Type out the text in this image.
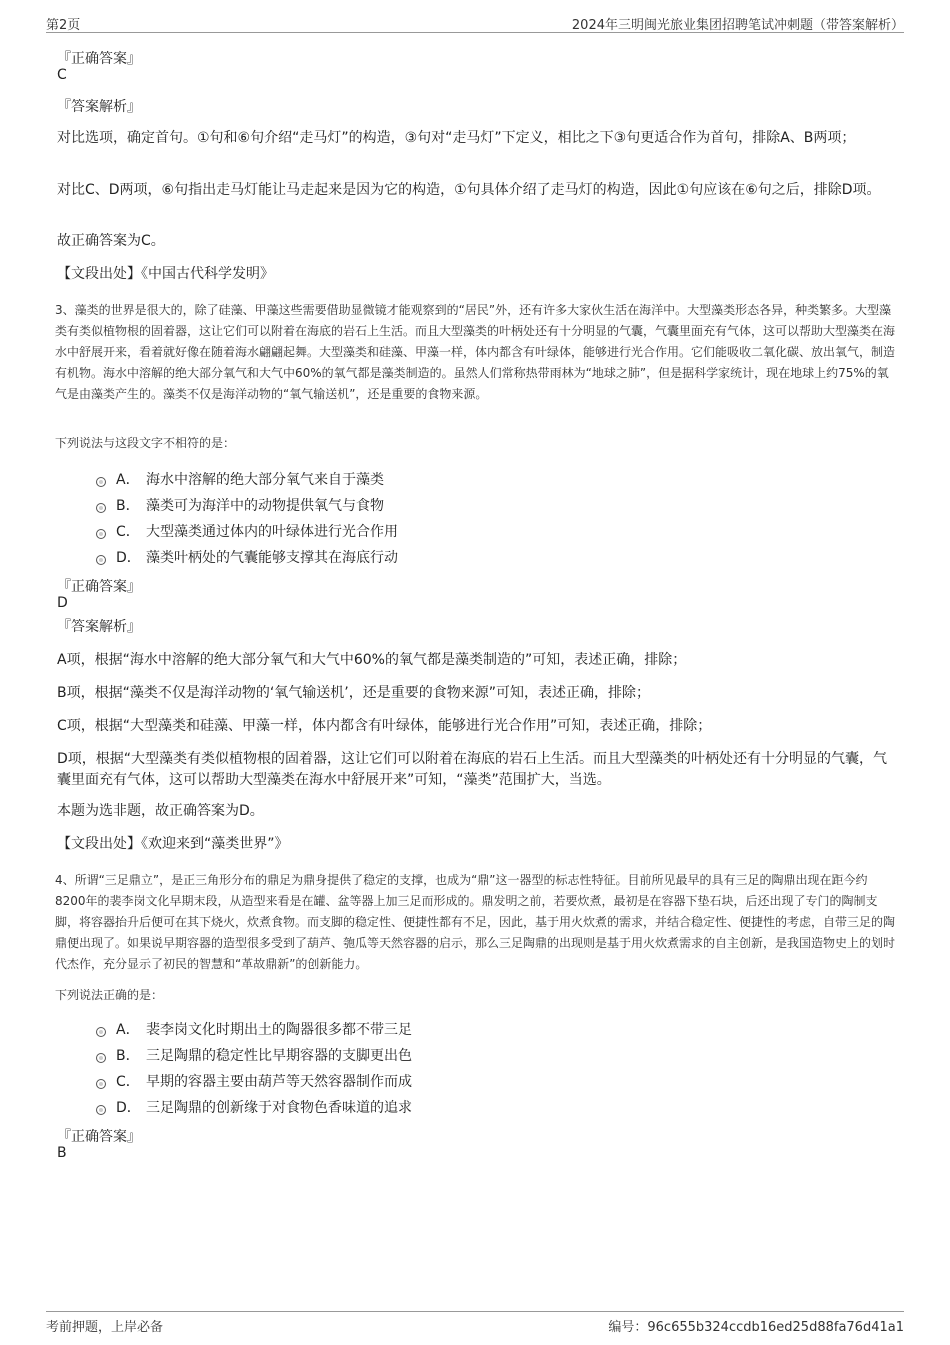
第2页	2024年三明闽光旅业集团招聘笔试冲刺题（带答案解析）
『正确答案』
C
『答案解析』
对比选项，确定首句。①句和⑥句介绍“走马灯”的构造，③句对“走马灯”下定义，相比之下③句更适合作为首句，排除A、B两项；
对比C、D两项，⑥句指出走马灯能让马走起来是因为它的构造，①句具体介绍了走马灯的构造，因此①句应该在⑥句之后，排除D项。
故正确答案为C。
【文段出处】《中国古代科学发明》
3、藻类的世界是很大的，除了硅藻、甲藻这些需要借助显微镜才能观察到的“居民”外，还有许多大家伙生活在海洋中。大型藻类形态各异，种类繁多。大型藻类有类似植物根的固着器，这让它们可以附着在海底的岩石上生活。而且大型藻类的叶柄处还有十分明显的气囊，气囊里面充有气体，这可以帮助大型藻类在海水中舒展开来，看着就好像在随着海水翩翩起舞。大型藻类和硅藻、甲藻一样，体内都含有叶绿体，能够进行光合作用。它们能吸收二氧化碳、放出氧气，制造有机物。海水中溶解的绝大部分氧气和大气中60%的氧气都是藻类制造的。虽然人们常称热带雨林为“地球之肺”，但是据科学家统计，现在地球上约75%的氧气是由藻类产生的。藻类不仅是海洋动物的“氧气输送机”，还是重要的食物来源。
下列说法与这段文字不相符的是：
A． 海水中溶解的绝大部分氧气来自于藻类
B． 藻类可为海洋中的动物提供氧气与食物
C． 大型藻类通过体内的叶绿体进行光合作用
D． 藻类叶柄处的气囊能够支撑其在海底行动
『正确答案』
D
『答案解析』
A项，根据“海水中溶解的绝大部分氧气和大气中60%的氧气都是藻类制造的”可知，表述正确，排除；
B项，根据“藻类不仅是海洋动物的‘氧气输送机’，还是重要的食物来源”可知，表述正确，排除；
C项，根据“大型藻类和硅藻、甲藻一样，体内都含有叶绿体，能够进行光合作用”可知，表述正确，排除；
D项，根据“大型藻类有类似植物根的固着器，这让它们可以附着在海底的岩石上生活。而且大型藻类的叶柄处还有十分明显的气囊，气囊里面充有气体，这可以帮助大型藻类在海水中舒展开来”可知，“藻类”范围扩大，当选。
本题为选非题，故正确答案为D。
【文段出处】《欢迎来到“藻类世界”》
4、所谓“三足鼎立”，是正三角形分布的鼎足为鼎身提供了稳定的支撑，也成为“鼎”这一器型的标志性特征。目前所见最早的具有三足的陶鼎出现在距今约8200年的裴李岗文化早期末段，从造型来看是在罐、盆等器上加三足而形成的。鼎发明之前，若要炊煮，最初是在容器下垫石块，后还出现了专门的陶制支脚，将容器抬升后便可在其下烧火，炊煮食物。而支脚的稳定性、便捷性都有不足，因此，基于用火炊煮的需求，并结合稳定性、便捷性的考虑，自带三足的陶鼎便出现了。如果说早期容器的造型很多受到了葫芦、匏瓜等天然容器的启示，那么三足陶鼎的出现则是基于用火炊煮需求的自主创新，是我国造物史上的划时代杰作，充分显示了初民的智慧和“革故鼎新”的创新能力。
下列说法正确的是：
A． 裴李岗文化时期出土的陶器很多都不带三足
B． 三足陶鼎的稳定性比早期容器的支脚更出色
C． 早期的容器主要由葫芦等天然容器制作而成
D． 三足陶鼎的创新缘于对食物色香味道的追求
『正确答案』
B
考前押题，上岸必备	编号：96c655b324ccdb16ed25d88fa76d41a1
